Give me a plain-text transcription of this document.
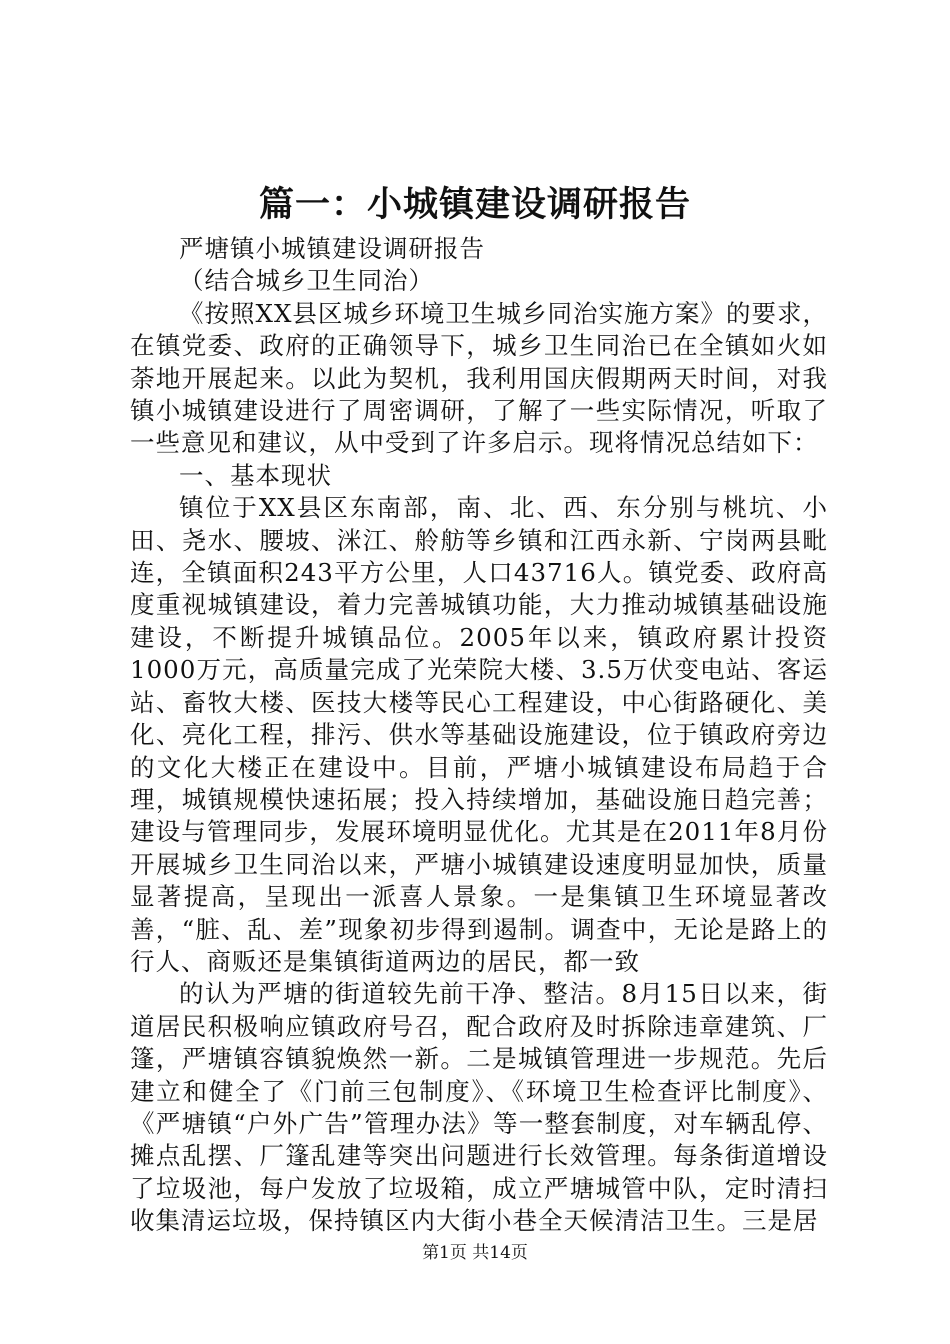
篇一：小城镇建设调研报告

严塘镇小城镇建设调研报告

（结合城乡卫生同治）

《按照XX县区城乡环境卫生城乡同治实施方案》的要求，在镇党委、政府的正确领导下，城乡卫生同治已在全镇如火如荼地开展起来。以此为契机，我利用国庆假期两天时间，对我镇小城镇建设进行了周密调研，了解了一些实际情况，听取了一些意见和建议，从中受到了许多启示。现将情况总结如下：

一、基本现状

镇位于XX县区东南部，南、北、西、东分别与桃坑、小田、尧水、腰坡、洣江、舲舫等乡镇和江西永新、宁岗两县毗连，全镇面积243平方公里，人口43716人。镇党委、政府高度重视城镇建设，着力完善城镇功能，大力推动城镇基础设施建设，不断提升城镇品位。2005年以来，镇政府累计投资1000万元，高质量完成了光荣院大楼、3.5万伏变电站、客运站、畜牧大楼、医技大楼等民心工程建设，中心街路硬化、美化、亮化工程，排污、供水等基础设施建设，位于镇政府旁边的文化大楼正在建设中。目前，严塘小城镇建设布局趋于合理，城镇规模快速拓展；投入持续增加，基础设施日趋完善；建设与管理同步，发展环境明显优化。尤其是在2011年8月份开展城乡卫生同治以来，严塘小城镇建设速度明显加快，质量显著提高，呈现出一派喜人景象。一是集镇卫生环境显著改善，“脏、乱、差”现象初步得到遏制。调查中，无论是路上的行人、商贩还是集镇街道两边的居民，都一致

的认为严塘的街道较先前干净、整洁。8月15日以来，街道居民积极响应镇政府号召，配合政府及时拆除违章建筑、厂篷，严塘镇容镇貌焕然一新。二是城镇管理进一步规范。先后建立和健全了《门前三包制度》、《环境卫生检查评比制度》、《严塘镇“户外广告”管理办法》等一整套制度，对车辆乱停、摊点乱摆、厂篷乱建等突出问题进行长效管理。每条街道增设了垃圾池，每户发放了垃圾箱，成立严塘城管中队，定时清扫收集清运垃圾，保持镇区内大街小巷全天候清洁卫生。三是居

第1页 共14页
